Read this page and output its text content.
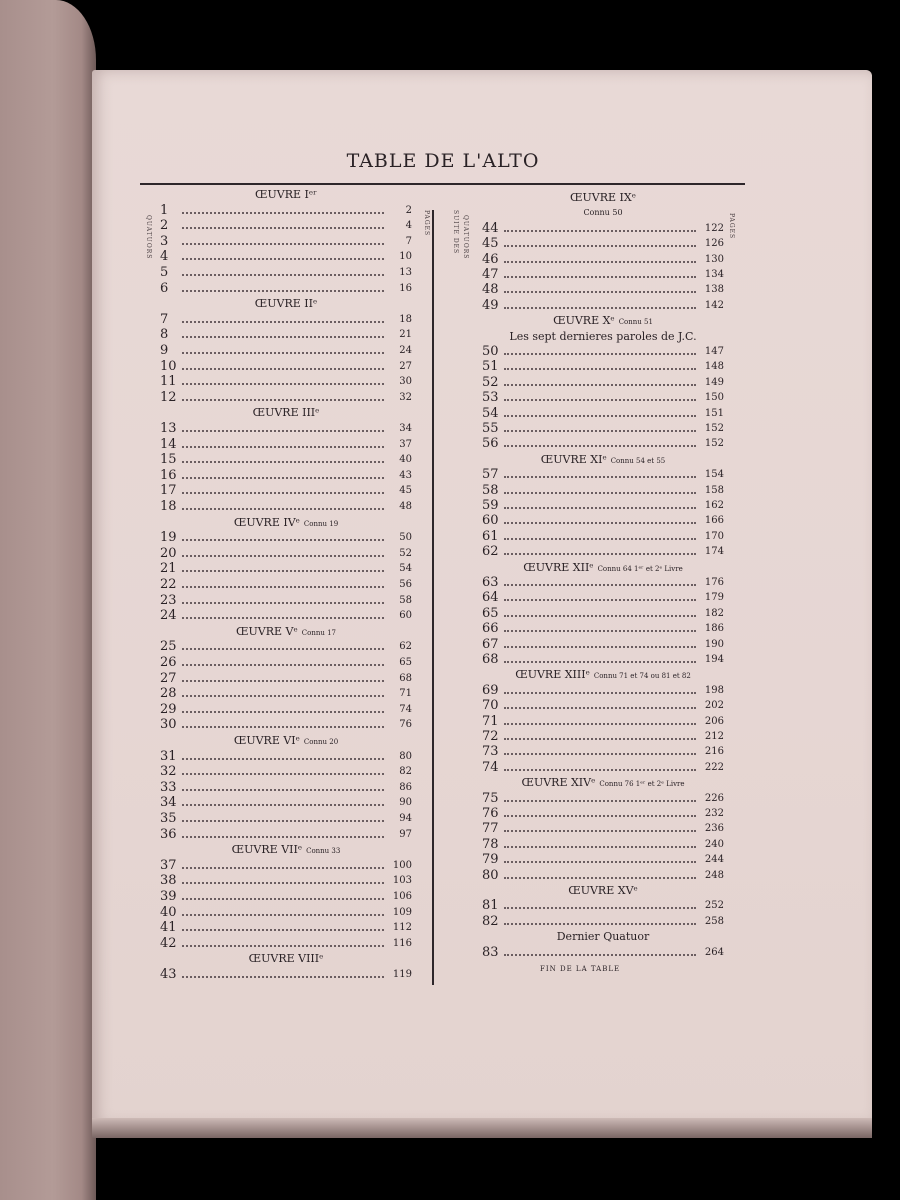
TABLE DE L'ALTO
QUATUORS	PAGES	SUITE DES QUATUORS	PAGES
ŒUVRE Iᵉʳ
1	2
2	4
3	7
4	10
5	13
6	16
ŒUVRE IIᵉ
7	18
8	21
9	24
10	27
11	30
12	32
ŒUVRE IIIᵉ
13	34
14	37
15	40
16	43
17	45
18	48
ŒUVRE IVᵉ Connu 19
19	50
20	52
21	54
22	56
23	58
24	60
ŒUVRE Vᵉ Connu 17
25	62
26	65
27	68
28	71
29	74
30	76
ŒUVRE VIᵉ Connu 20
31	80
32	82
33	86
34	90
35	94
36	97
ŒUVRE VIIᵉ Connu 33
37	100
38	103
39	106
40	109
41	112
42	116
ŒUVRE VIIIᵉ
43	119
ŒUVRE IXᵉ
Connu 50
44	122
45	126
46	130
47	134
48	138
49	142
ŒUVRE Xᵉ Connu 51
Les sept dernieres paroles de J.C.
50	147
51	148
52	149
53	150
54	151
55	152
56	152
ŒUVRE XIᵉ Connu 54 et 55
57	154
58	158
59	162
60	166
61	170
62	174
ŒUVRE XIIᵉ Connu 64 1ᵉʳ et 2ᵉ Livre
63	176
64	179
65	182
66	186
67	190
68	194
ŒUVRE XIIIᵉ Connu 71 et 74 ou 81 et 82
69	198
70	202
71	206
72	212
73	216
74	222
ŒUVRE XIVᵉ Connu 76 1ᵉʳ et 2ᵉ Livre
75	226
76	232
77	236
78	240
79	244
80	248
ŒUVRE XVᵉ
81	252
82	258
Dernier Quatuor
83	264
FIN DE LA TABLE
